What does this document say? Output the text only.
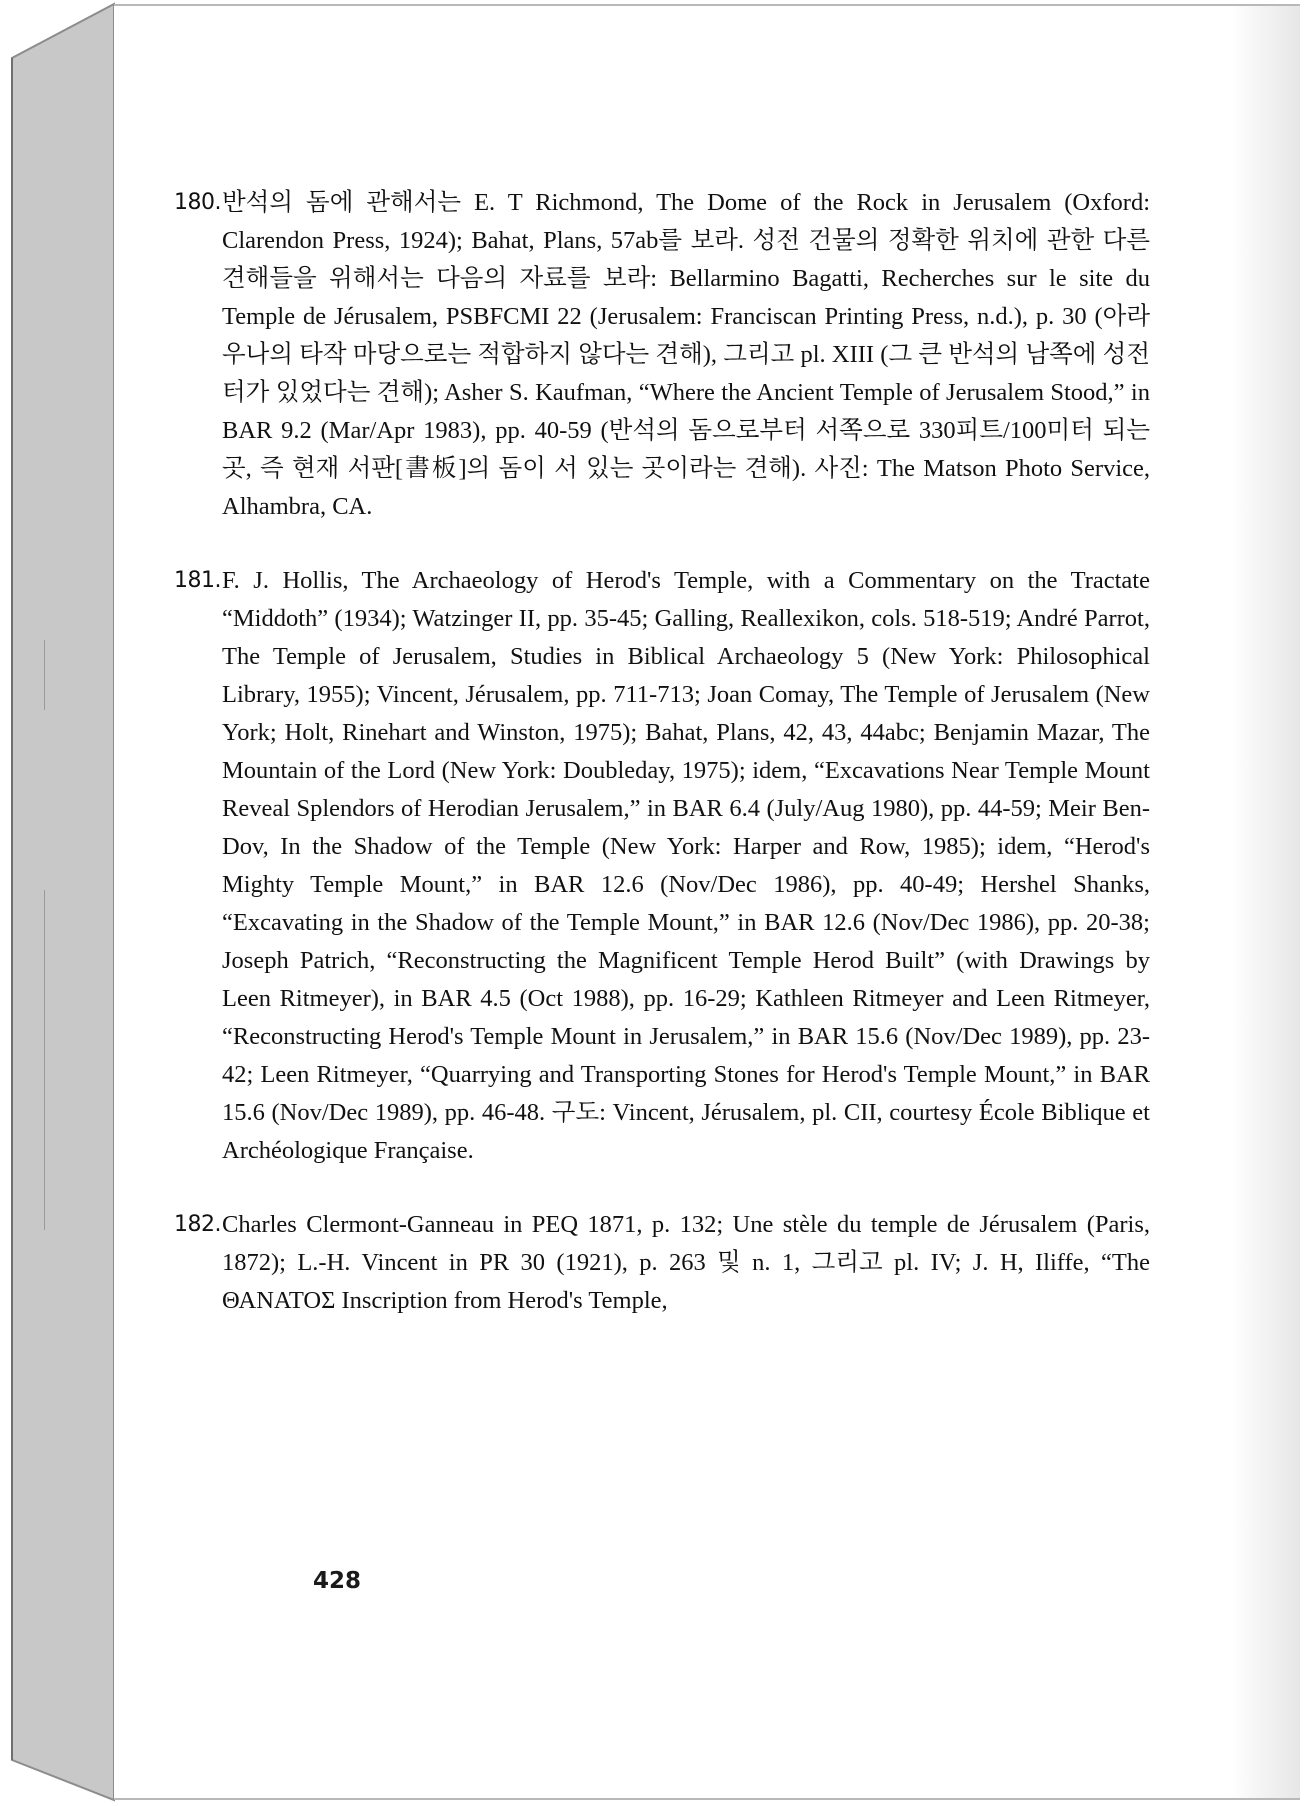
180. 반석의 돔에 관해서는 E. T Richmond, The Dome of the Rock in Jerusalem (Oxford: Clarendon Press, 1924); Bahat, Plans, 57ab를 보라. 성전 건물의 정확한 위치에 관한 다른 견해들을 위해서는 다음의 자료를 보라: Bellarmino Bagatti, Recherches sur le site du Temple de Jérusalem, PSBFCMI 22 (Jerusalem: Franciscan Printing Press, n.d.), p. 30 (아라우나의 타작 마당으로는 적합하지 않다는 견해), 그리고 pl. XIII (그 큰 반석의 남쪽에 성전 터가 있었다는 견해); Asher S. Kaufman, “Where the Ancient Temple of Jerusalem Stood,” in BAR 9.2 (Mar/Apr 1983), pp. 40-59 (반석의 돔으로부터 서쪽으로 330피트/100미터 되는 곳, 즉 현재 서판[書板]의 돔이 서 있는 곳이라는 견해). 사진: The Matson Photo Service, Alhambra, CA.
181. F. J. Hollis, The Archaeology of Herod's Temple, with a Commentary on the Tractate “Middoth” (1934); Watzinger II, pp. 35-45; Galling, Reallexikon, cols. 518-519; André Parrot, The Temple of Jerusalem, Studies in Biblical Archaeology 5 (New York: Philosophical Library, 1955); Vincent, Jérusalem, pp. 711-713; Joan Comay, The Temple of Jerusalem (New York; Holt, Rinehart and Winston, 1975); Bahat, Plans, 42, 43, 44abc; Benjamin Mazar, The Mountain of the Lord (New York: Doubleday, 1975); idem, “Excavations Near Temple Mount Reveal Splendors of Herodian Jerusalem,” in BAR 6.4 (July/Aug 1980), pp. 44-59; Meir Ben-Dov, In the Shadow of the Temple (New York: Harper and Row, 1985); idem, “Herod's Mighty Temple Mount,” in BAR 12.6 (Nov/Dec 1986), pp. 40-49; Hershel Shanks, “Excavating in the Shadow of the Temple Mount,” in BAR 12.6 (Nov/Dec 1986), pp. 20-38; Joseph Patrich, “Reconstructing the Magnificent Temple Herod Built” (with Drawings by Leen Ritmeyer), in BAR 4.5 (Oct 1988), pp. 16-29; Kathleen Ritmeyer and Leen Ritmeyer, “Reconstructing Herod's Temple Mount in Jerusalem,” in BAR 15.6 (Nov/Dec 1989), pp. 23-42; Leen Ritmeyer, “Quarrying and Transporting Stones for Herod's Temple Mount,” in BAR 15.6 (Nov/Dec 1989), pp. 46-48. 구도: Vincent, Jérusalem, pl. CII, courtesy École Biblique et Archéologique Française.
182. Charles Clermont-Ganneau in PEQ 1871, p. 132; Une stèle du temple de Jérusalem (Paris, 1872); L.-H. Vincent in PR 30 (1921), p. 263 및 n. 1, 그리고 pl. IV; J. H, Iliffe, “The ΘΑΝΑΤΟΣ Inscription from Herod's Temple,
428
